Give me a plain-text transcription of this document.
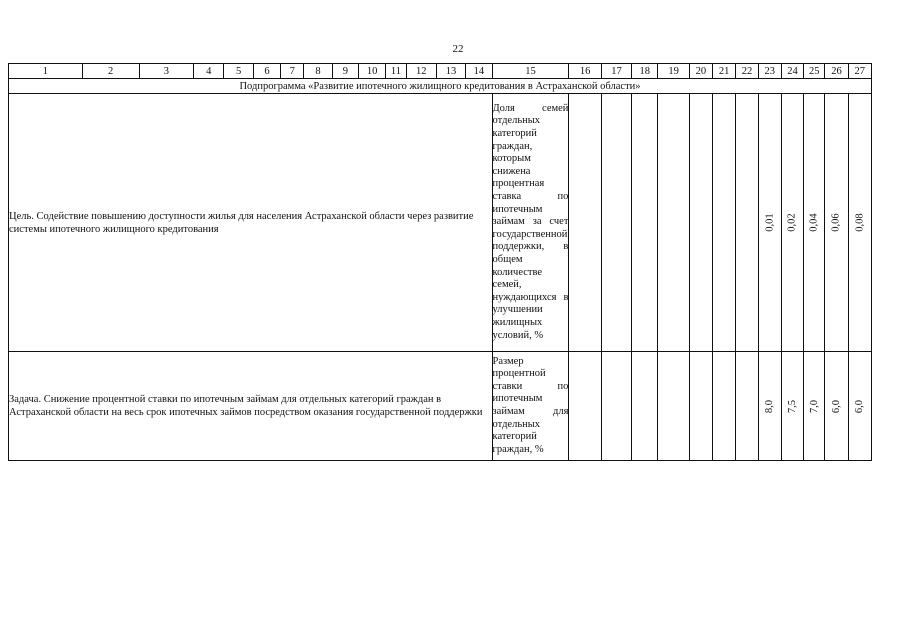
22
1	2	3	4	5	6	7	8	9	10	11	12	13	14	15	16	17	18	19	20	21	22	23	24	25	26	27
Подпрограмма «Развитие ипотечного жилищного кредитования в Астраханской области»																										
Цель. Содействие повышению доступности жилья для населения Астраханской области через развитие системы ипотечного жилищного кредитования														Доля семей отдельных категорий граждан, которым снижена процентная ставка по ипотечным займам за счет государственной поддержки, в общем количестве семей, нуждающихся в улучшении жилищных условий, %								0,01	0,02	0,04	0,06	0,08
Задача. Снижение процентной ставки по ипотечным займам для отдельных категорий граждан в Астраханской области на весь срок ипотечных займов посредством оказания государственной поддержки														Размер процентной ставки по ипотечным займам для отдельных категорий граждан, %								8,0	7,5	7,0	6,0	6,0
